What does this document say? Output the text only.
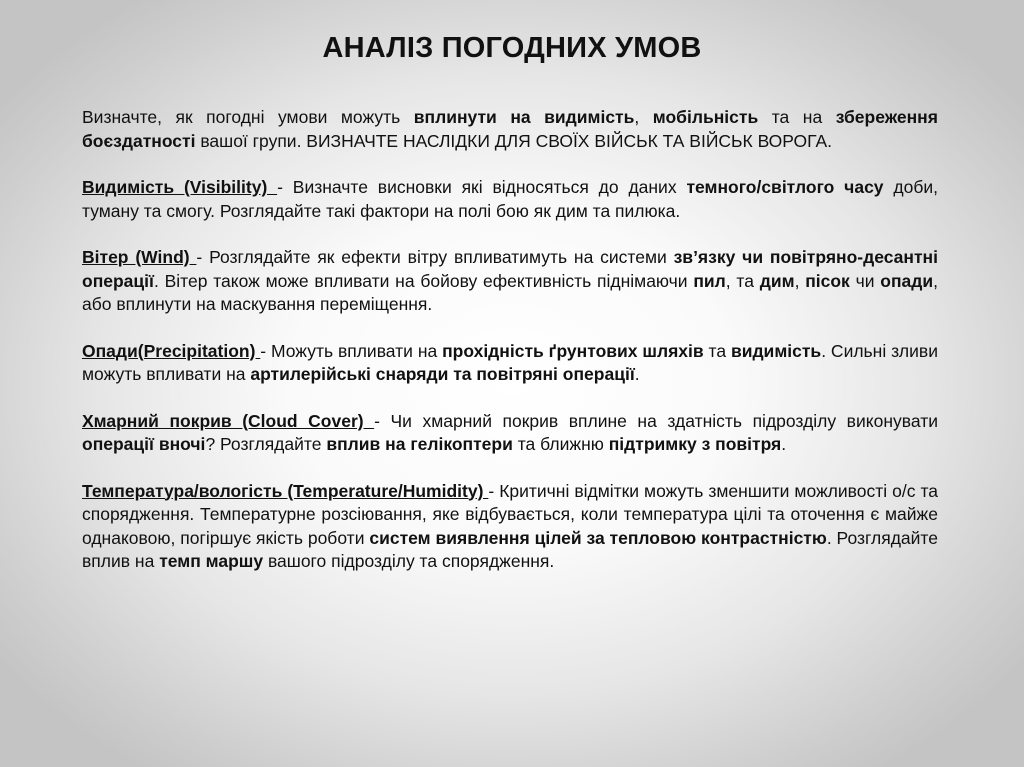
АНАЛІЗ ПОГОДНИХ УМОВ

Визначте, як погодні умови можуть вплинути на видимість, мобільність та на збереження боєздатності вашої групи. ВИЗНАЧТЕ НАСЛІДКИ ДЛЯ СВОЇХ ВІЙСЬК ТА ВІЙСЬК ВОРОГА.

Видимість (Visibility) - Визначте висновки які відносяться до даних темного/світлого часу доби, туману та смогу. Розглядайте такі фактори на полі бою як дим та пилюка.

Вітер (Wind) - Розглядайте як ефекти вітру впливатимуть на системи зв’язку чи повітряно-десантні операції. Вітер також може впливати на бойову ефективність піднімаючи пил, та дим, пісок чи опади, або вплинути на маскування переміщення.

Опади(Precipitation) - Можуть впливати на прохідність ґрунтових шляхів та видимість. Сильні зливи можуть впливати на артилерійські снаряди та повітряні операції.

Хмарний покрив (Cloud Cover) - Чи хмарний покрив вплине на здатність підрозділу виконувати операції вночі? Розглядайте вплив на гелікоптери та ближню підтримку з повітря.

Температура/вологість (Temperature/Humidity) - Критичні відмітки можуть зменшити можливості о/с та спорядження. Температурне розсіювання, яке відбувається, коли температура цілі та оточення є майже однаковою, погіршує якість роботи систем виявлення цілей за тепловою контрастністю. Розглядайте вплив на темп маршу вашого підрозділу та спорядження.
